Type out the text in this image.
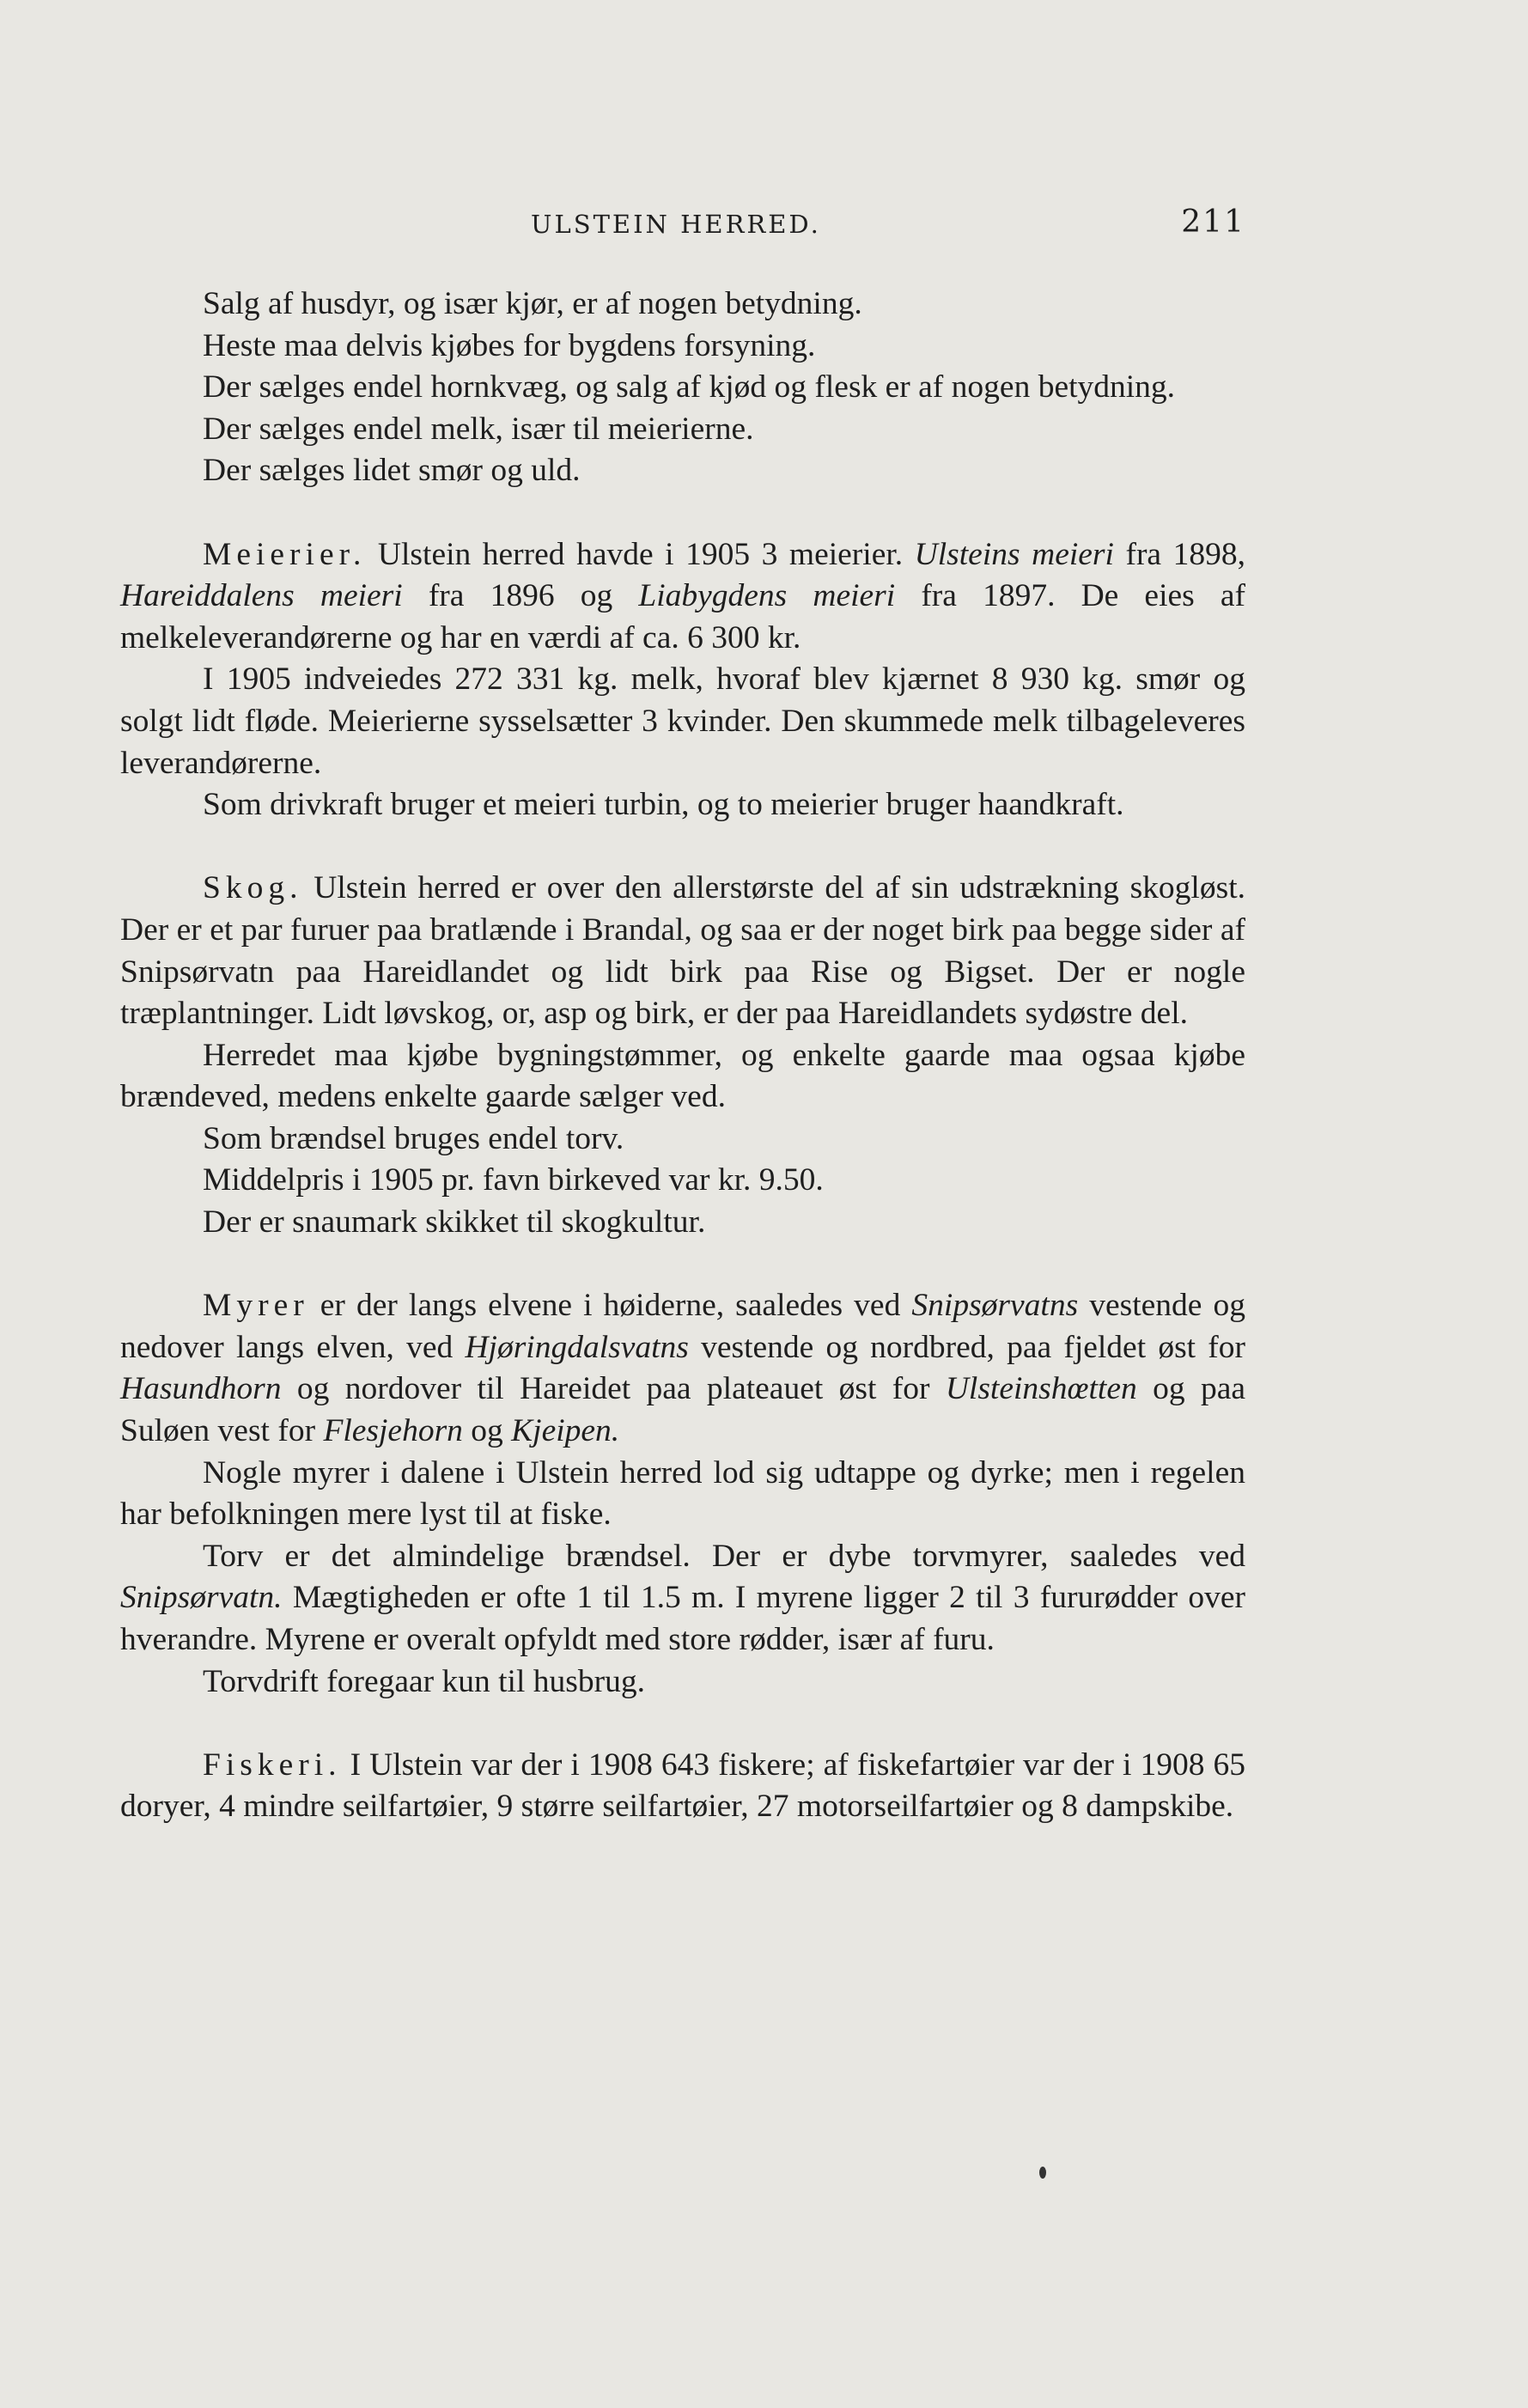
ULSTEIN HERRED.	211

Salg af husdyr, og især kjør, er af nogen betydning.

Heste maa delvis kjøbes for bygdens forsyning.

Der sælges endel hornkvæg, og salg af kjød og flesk er af nogen betydning.

Der sælges endel melk, især til meierierne.

Der sælges lidet smør og uld.

Meierier. Ulstein herred havde i 1905 3 meierier. Ulsteins meieri fra 1898, Hareiddalens meieri fra 1896 og Liabygdens meieri fra 1897. De eies af melkeleverandørerne og har en værdi af ca. 6 300 kr.

I 1905 indveiedes 272 331 kg. melk, hvoraf blev kjærnet 8 930 kg. smør og solgt lidt fløde. Meierierne sysselsætter 3 kvinder. Den skummede melk tilbageleveres leverandørerne.

Som drivkraft bruger et meieri turbin, og to meierier bruger haandkraft.

Skog. Ulstein herred er over den allerstørste del af sin udstrækning skogløst. Der er et par furuer paa bratlænde i Brandal, og saa er der noget birk paa begge sider af Snipsørvatn paa Hareidlandet og lidt birk paa Rise og Bigset. Der er nogle træplantninger. Lidt løvskog, or, asp og birk, er der paa Hareidlandets sydøstre del.

Herredet maa kjøbe bygningstømmer, og enkelte gaarde maa ogsaa kjøbe brændeved, medens enkelte gaarde sælger ved.

Som brændsel bruges endel torv.

Middelpris i 1905 pr. favn birkeved var kr. 9.50.

Der er snaumark skikket til skogkultur.

Myrer er der langs elvene i høiderne, saaledes ved Snipsørvatns vestende og nedover langs elven, ved Hjøringdalsvatns vestende og nordbred, paa fjeldet øst for Hasundhorn og nordover til Hareidet paa plateauet øst for Ulsteinshœtten og paa Suløen vest for Flesjehorn og Kjeipen.

Nogle myrer i dalene i Ulstein herred lod sig udtappe og dyrke; men i regelen har befolkningen mere lyst til at fiske.

Torv er det almindelige brændsel. Der er dybe torvmyrer, saaledes ved Snipsørvatn. Mægtigheden er ofte 1 til 1.5 m. I myrene ligger 2 til 3 fururødder over hverandre. Myrene er overalt opfyldt med store rødder, især af furu.

Torvdrift foregaar kun til husbrug.

Fiskeri. I Ulstein var der i 1908 643 fiskere; af fiskefartøier var der i 1908 65 doryer, 4 mindre seilfartøier, 9 større seilfartøier, 27 motorseilfartøier og 8 dampskibe.
